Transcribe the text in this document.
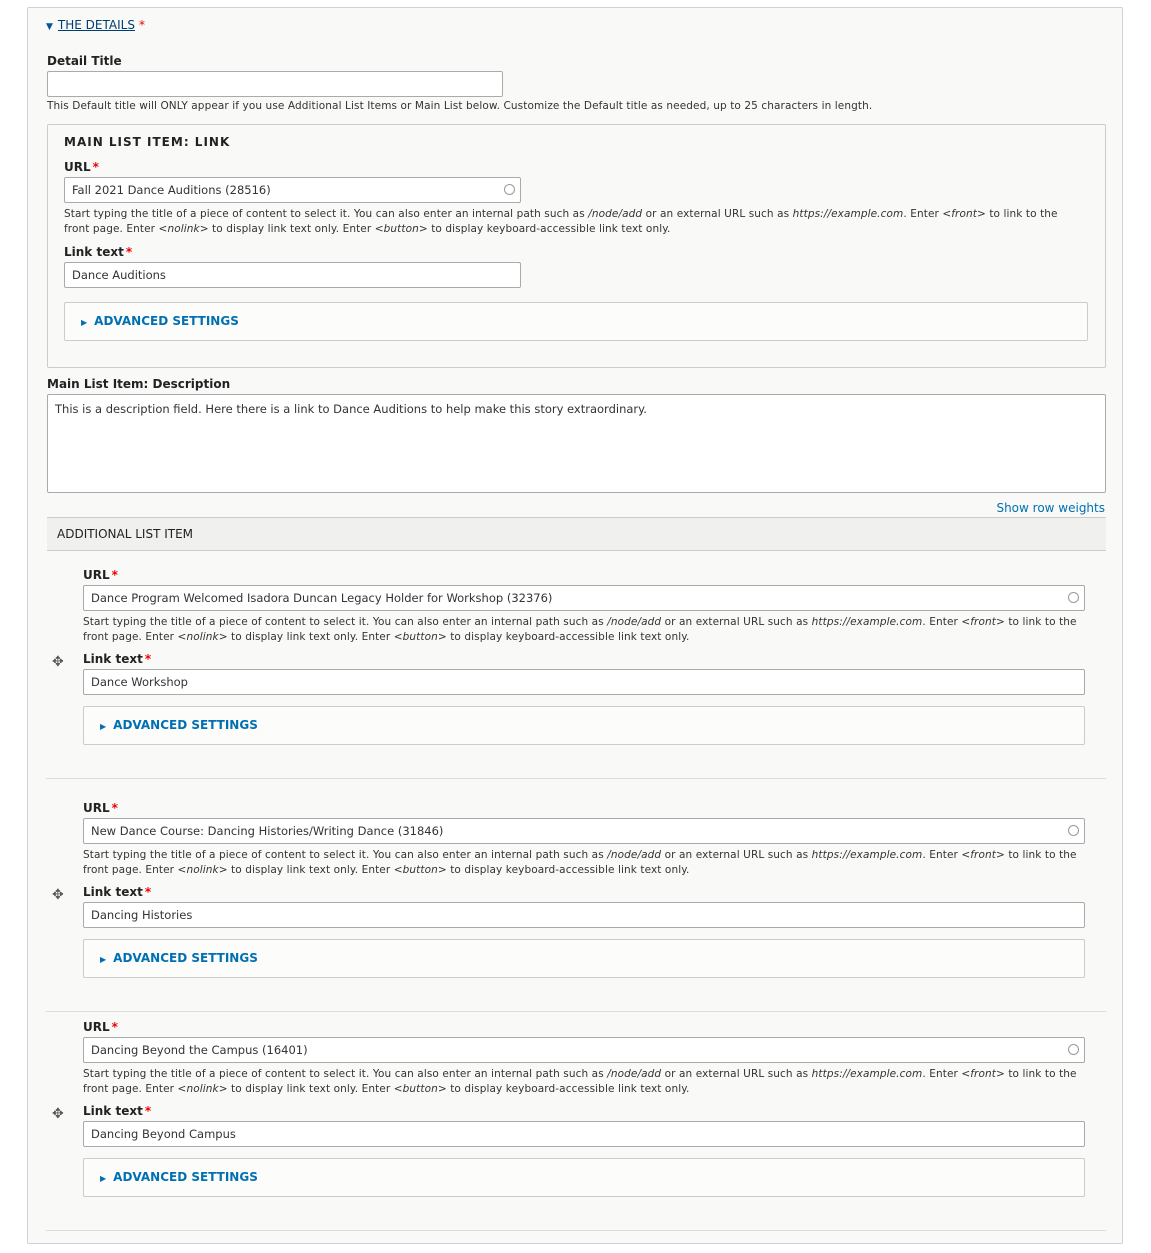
▼ THE DETAILS *
Detail Title
This Default title will ONLY appear if you use Additional List Items or Main List below. Customize the Default title as needed, up to 25 characters in length.
MAIN LIST ITEM: LINK
URL *
Fall 2021 Dance Auditions (28516)
Start typing the title of a piece of content to select it. You can also enter an internal path such as /node/add or an external URL such as https://example.com. Enter <front> to link to the front page. Enter <nolink> to display link text only. Enter <button> to display keyboard-accessible link text only.
Link text *
Dance Auditions
▶ ADVANCED SETTINGS
Main List Item: Description
This is a description field. Here there is a link to Dance Auditions to help make this story extraordinary.
Show row weights
ADDITIONAL LIST ITEM
✥
URL *
Dance Program Welcomed Isadora Duncan Legacy Holder for Workshop (32376)
Start typing the title of a piece of content to select it. You can also enter an internal path such as /node/add or an external URL such as https://example.com. Enter <front> to link to the front page. Enter <nolink> to display link text only. Enter <button> to display keyboard-accessible link text only.
Link text *
Dance Workshop
▶ ADVANCED SETTINGS
✥
URL *
New Dance Course: Dancing Histories/Writing Dance (31846)
Start typing the title of a piece of content to select it. You can also enter an internal path such as /node/add or an external URL such as https://example.com. Enter <front> to link to the front page. Enter <nolink> to display link text only. Enter <button> to display keyboard-accessible link text only.
Link text *
Dancing Histories
▶ ADVANCED SETTINGS
✥
URL *
Dancing Beyond the Campus (16401)
Start typing the title of a piece of content to select it. You can also enter an internal path such as /node/add or an external URL such as https://example.com. Enter <front> to link to the front page. Enter <nolink> to display link text only. Enter <button> to display keyboard-accessible link text only.
Link text *
Dancing Beyond Campus
▶ ADVANCED SETTINGS
